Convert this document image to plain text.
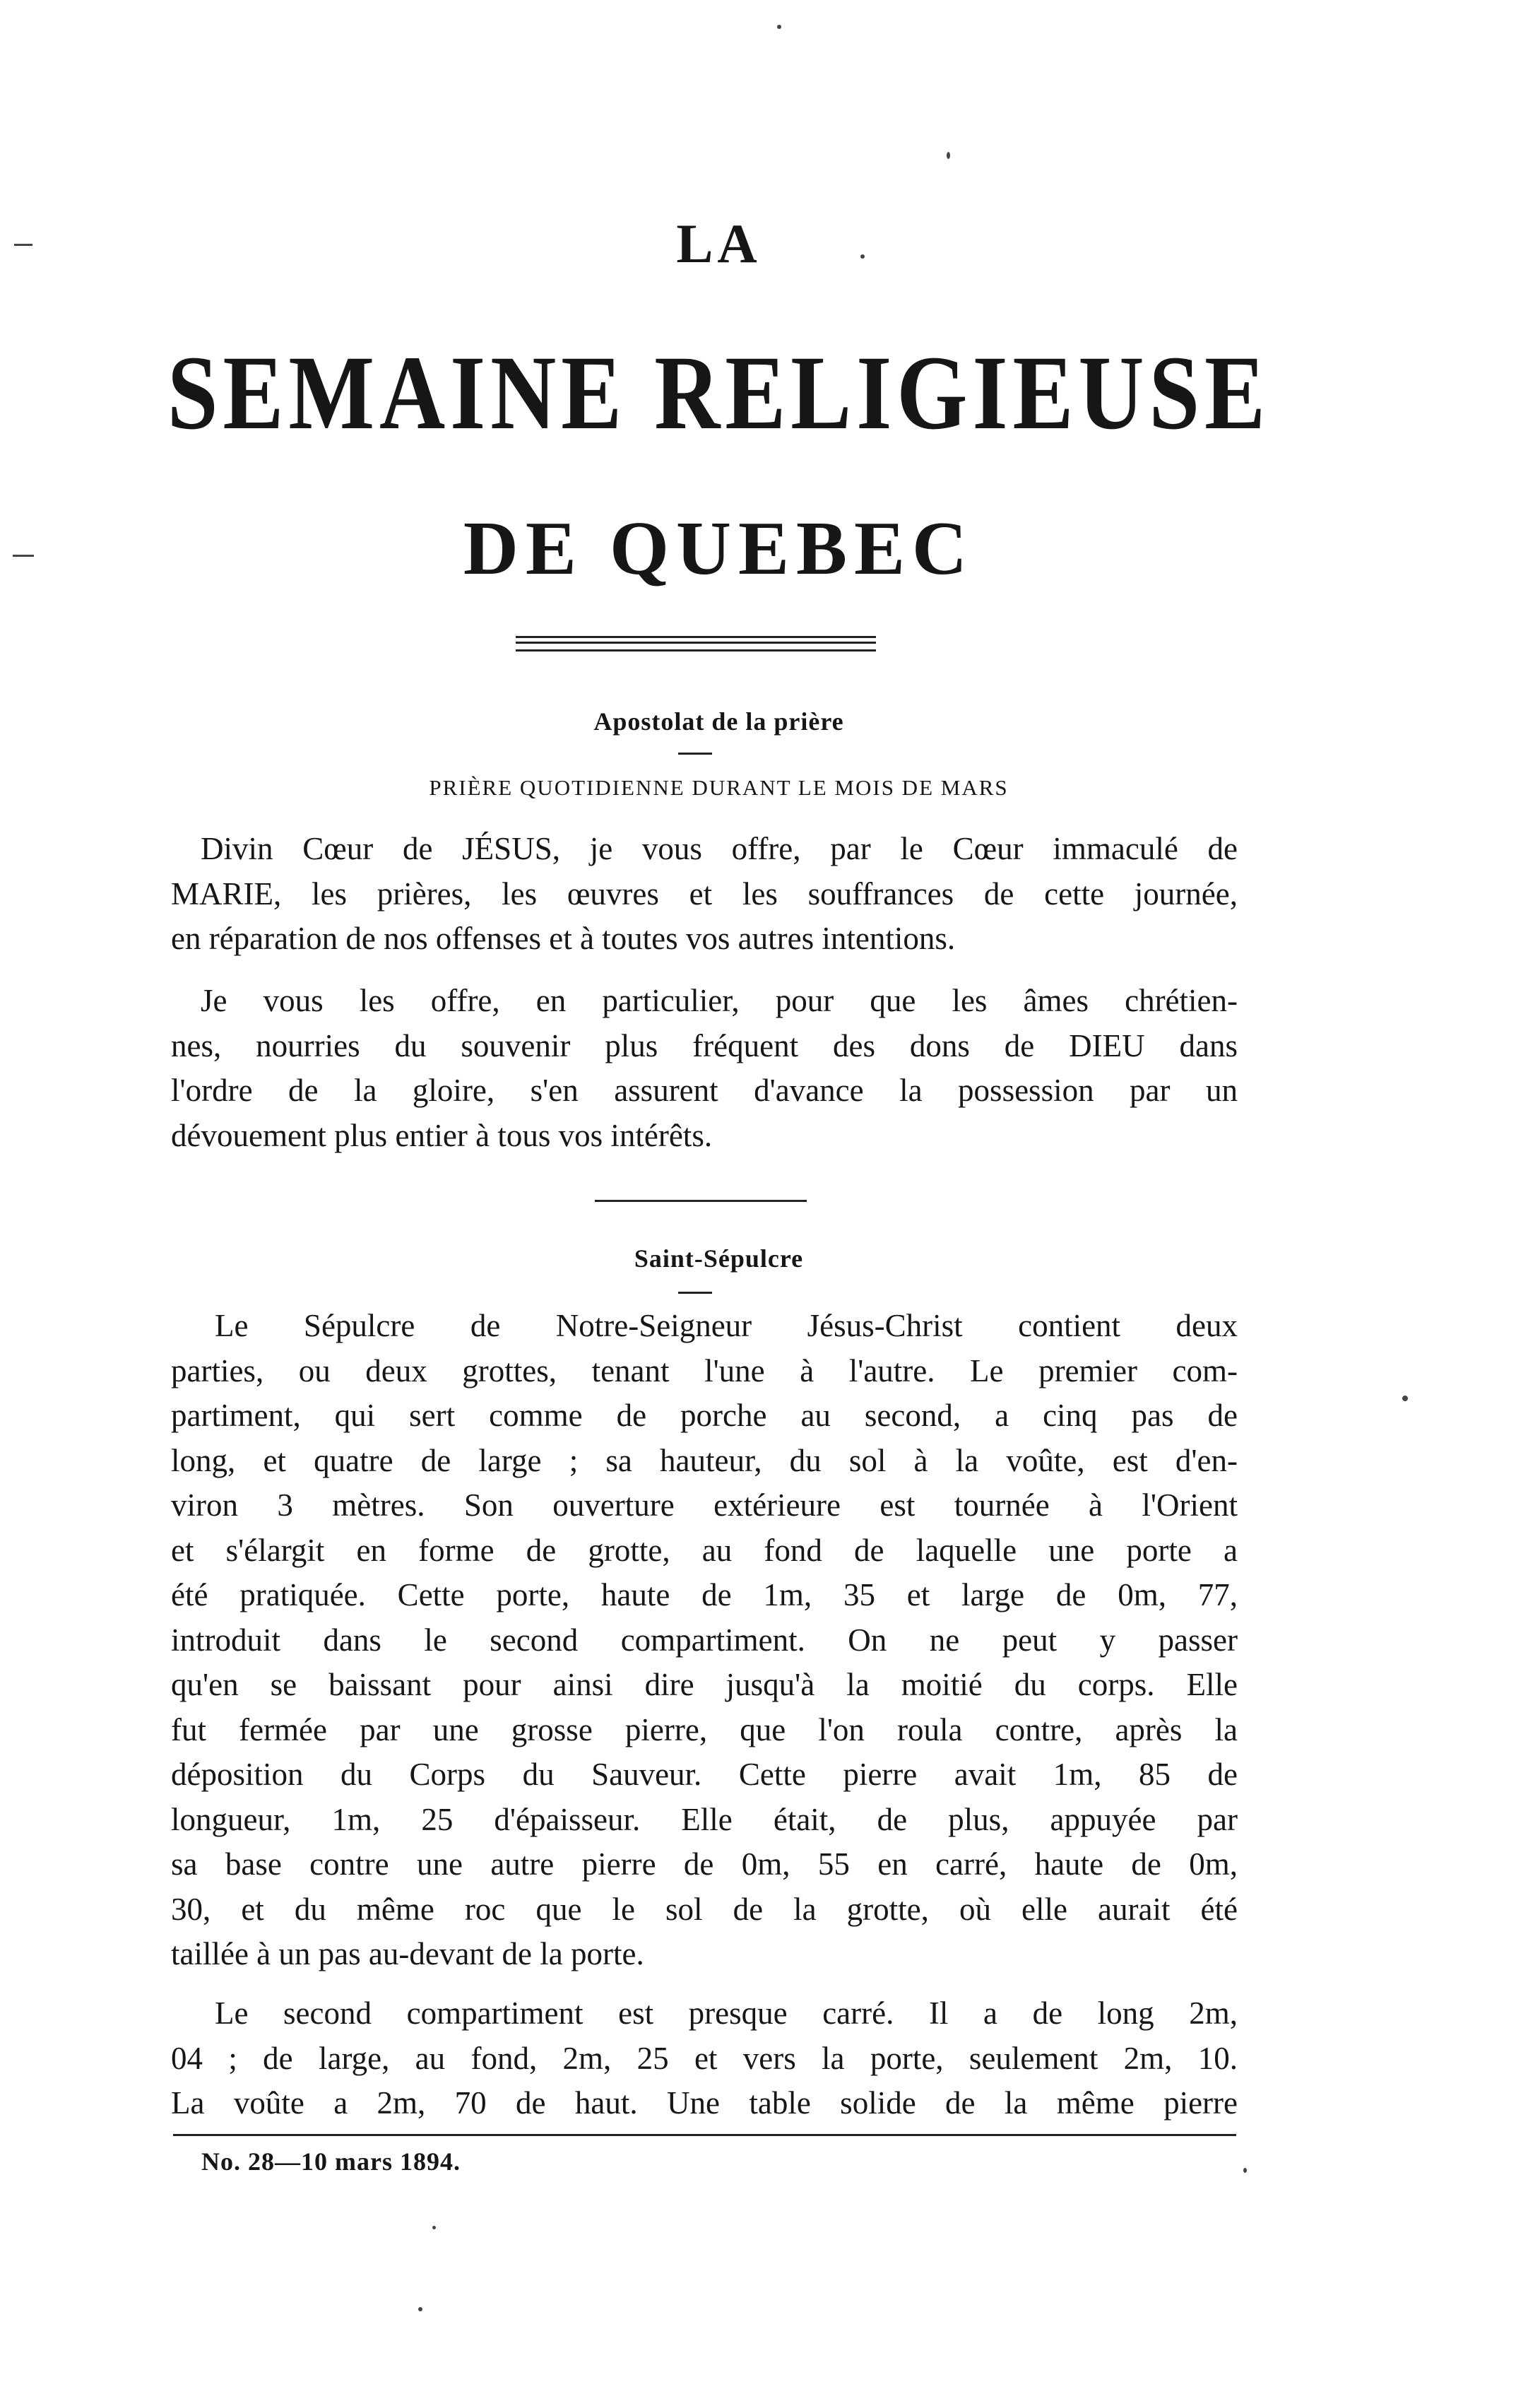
LA
SEMAINE RELIGIEUSE
DE QUEBEC
Apostolat de la prière
PRIÈRE QUOTIDIENNE DURANT LE MOIS DE MARS
Divin Cœur de JÉSUS, je vous offre, par le Cœur immaculé de
MARIE, les prières, les œuvres et les souffrances de cette journée,
en réparation de nos offenses et à toutes vos autres intentions.
Je vous les offre, en particulier, pour que les âmes chrétien-
nes, nourries du souvenir plus fréquent des dons de DIEU dans
l'ordre de la gloire, s'en assurent d'avance la possession par un
dévouement plus entier à tous vos intérêts.
Saint-Sépulcre
Le Sépulcre de Notre-Seigneur Jésus-Christ contient deux
parties, ou deux grottes, tenant l'une à l'autre. Le premier com-
partiment, qui sert comme de porche au second, a cinq pas de
long, et quatre de large ; sa hauteur, du sol à la voûte, est d'en-
viron 3 mètres. Son ouverture extérieure est tournée à l'Orient
et s'élargit en forme de grotte, au fond de laquelle une porte a
été pratiquée. Cette porte, haute de 1m, 35 et large de 0m, 77,
introduit dans le second compartiment. On ne peut y passer
qu'en se baissant pour ainsi dire jusqu'à la moitié du corps. Elle
fut fermée par une grosse pierre, que l'on roula contre, après la
déposition du Corps du Sauveur. Cette pierre avait 1m, 85 de
longueur, 1m, 25 d'épaisseur. Elle était, de plus, appuyée par
sa base contre une autre pierre de 0m, 55 en carré, haute de 0m,
30, et du même roc que le sol de la grotte, où elle aurait été
taillée à un pas au-devant de la porte.
Le second compartiment est presque carré. Il a de long 2m,
04 ; de large, au fond, 2m, 25 et vers la porte, seulement 2m, 10.
La voûte a 2m, 70 de haut. Une table solide de la même pierre
No. 28—10 mars 1894.
